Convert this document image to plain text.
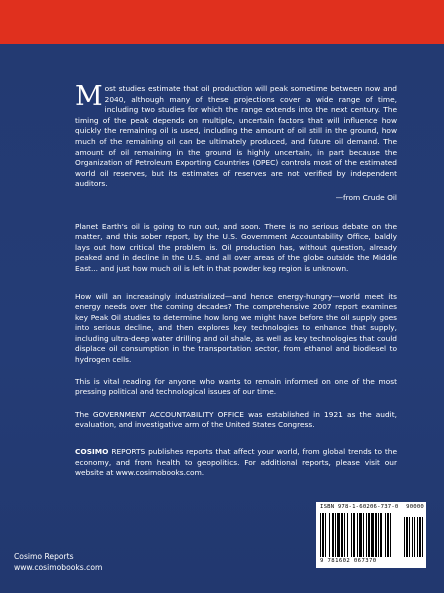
Most studies estimate that oil production will peak sometime between now and 2040, although many of these projections cover a wide range of time, including two studies for which the range extends into the next century. The timing of the peak depends on multiple, uncertain factors that will influence how quickly the remaining oil is used, including the amount of oil still in the ground, how much of the remaining oil can be ultimately produced, and future oil demand. The amount of oil remaining in the ground is highly uncertain, in part because the Organization of Petroleum Exporting Countries (OPEC) controls most of the estimated world oil reserves, but its estimates of reserves are not verified by independent auditors.

—from Crude Oil

Planet Earth's oil is going to run out, and soon. There is no serious debate on the matter, and this sober report, by the U.S. Government Accountability Office, baldly lays out how critical the problem is. Oil production has, without question, already peaked and in decline in the U.S. and all over areas of the globe outside the Middle East... and just how much oil is left in that powder keg region is unknown.

How will an increasingly industrialized—and hence energy-hungry—world meet its energy needs over the coming decades? The comprehensive 2007 report examines key Peak Oil studies to determine how long we might have before the oil supply goes into serious decline, and then explores key technologies to enhance that supply, including ultra-deep water drilling and oil shale, as well as key technologies that could displace oil consumption in the transportation sector, from ethanol and biodiesel to hydrogen cells.

This is vital reading for anyone who wants to remain informed on one of the most pressing political and technological issues of our time.

The GOVERNMENT ACCOUNTABILITY OFFICE was established in 1921 as the audit, evaluation, and investigative arm of the United States Congress.

COSIMO REPORTS publishes reports that affect your world, from global trends to the economy, and from health to geopolitics. For additional reports, please visit our website at www.cosimobooks.com.

Cosimo Reports
www.cosimobooks.com
ISBN 978-1-60206-737-0 90000
9 781602 067370
